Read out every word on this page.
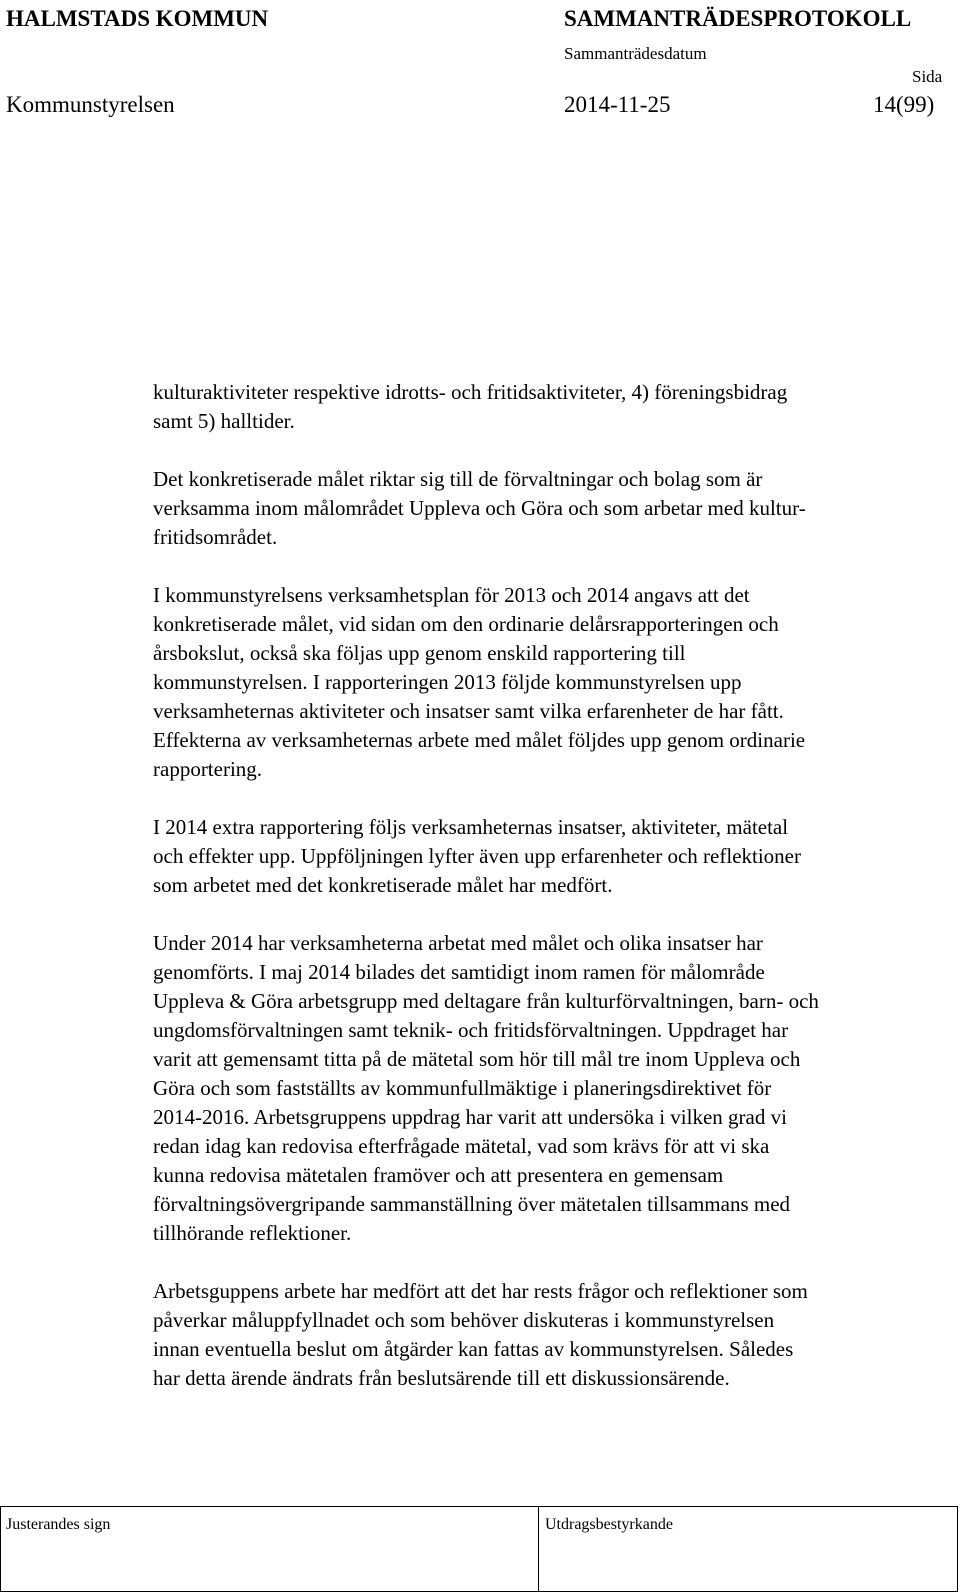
HALMSTADS KOMMUN	SAMMANTRÄDESPROTOKOLL
Sammanträdesdatum
Sida
Kommunstyrelsen	2014-11-25	14(99)
kulturaktiviteter respektive idrotts- och fritidsaktiviteter, 4) föreningsbidrag
samt 5) halltider.
Det konkretiserade målet riktar sig till de förvaltningar och bolag som är
verksamma inom målområdet Uppleva och Göra och som arbetar med kultur-
fritidsområdet.
I kommunstyrelsens verksamhetsplan för 2013 och 2014 angavs att det
konkretiserade målet, vid sidan om den ordinarie delårsrapporteringen och
årsbokslut, också ska följas upp genom enskild rapportering till
kommunstyrelsen. I rapporteringen 2013 följde kommunstyrelsen upp
verksamheternas aktiviteter och insatser samt vilka erfarenheter de har fått.
Effekterna av verksamheternas arbete med målet följdes upp genom ordinarie
rapportering.
I 2014 extra rapportering följs verksamheternas insatser, aktiviteter, mätetal
och effekter upp. Uppföljningen lyfter även upp erfarenheter och reflektioner
som arbetet med det konkretiserade målet har medfört.
Under 2014 har verksamheterna arbetat med målet och olika insatser har
genomförts. I maj 2014 bilades det samtidigt inom ramen för målområde
Uppleva & Göra arbetsgrupp med deltagare från kulturförvaltningen, barn- och
ungdomsförvaltningen samt teknik- och fritidsförvaltningen. Uppdraget har
varit att gemensamt titta på de mätetal som hör till mål tre inom Uppleva och
Göra och som fastställts av kommunfullmäktige i planeringsdirektivet för
2014-2016. Arbetsgruppens uppdrag har varit att undersöka i vilken grad vi
redan idag kan redovisa efterfrågade mätetal, vad som krävs för att vi ska
kunna redovisa mätetalen framöver och att presentera en gemensam
förvaltningsövergripande sammanställning över mätetalen tillsammans med
tillhörande reflektioner.
Arbetsguppens arbete har medfört att det har rests frågor och reflektioner som
påverkar måluppfyllnadet och som behöver diskuteras i kommunstyrelsen
innan eventuella beslut om åtgärder kan fattas av kommunstyrelsen. Således
har detta ärende ändrats från beslutsärende till ett diskussionsärende.
Justerandes sign	Utdragsbestyrkande
